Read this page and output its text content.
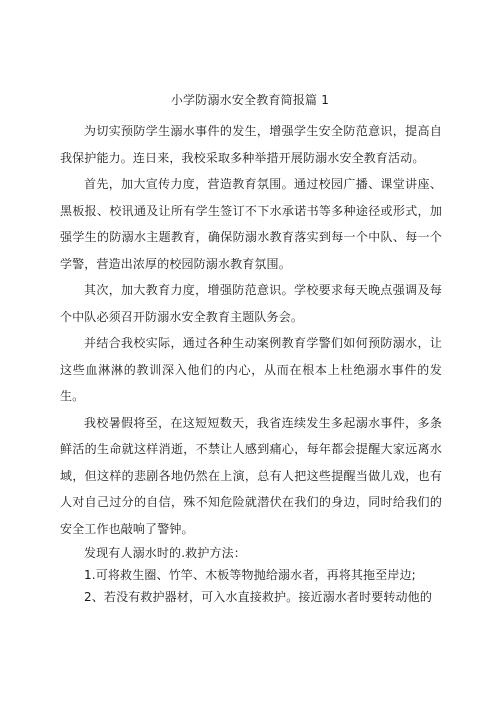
小学防溺水安全教育简报篇 1

为切实预防学生溺水事件的发生，增强学生安全防范意识，提高自我保护能力。连日来，我校采取多种举措开展防溺水安全教育活动。

首先，加大宣传力度，营造教育氛围。通过校园广播、课堂讲座、黑板报、校讯通及让所有学生签订不下水承诺书等多种途径或形式，加强学生的防溺水主题教育，确保防溺水教育落实到每一个中队、每一个学警，营造出浓厚的校园防溺水教育氛围。

其次，加大教育力度，增强防范意识。学校要求每天晚点强调及每个中队必须召开防溺水安全教育主题队务会。

并结合我校实际，通过各种生动案例教育学警们如何预防溺水，让这些血淋淋的教训深入他们的内心，从而在根本上杜绝溺水事件的发生。

我校暑假将至，在这短短数天，我省连续发生多起溺水事件，多条鲜活的生命就这样消逝，不禁让人感到痛心，每年都会提醒大家远离水域，但这样的悲剧各地仍然在上演，总有人把这些提醒当做儿戏，也有人对自己过分的自信，殊不知危险就潜伏在我们的身边，同时给我们的安全工作也敲响了警钟。

发现有人溺水时的.救护方法：

1.可将救生圈、竹竿、木板等物抛给溺水者，再将其拖至岸边;

2、若没有救护器材，可入水直接救护。接近溺水者时要转动他的
